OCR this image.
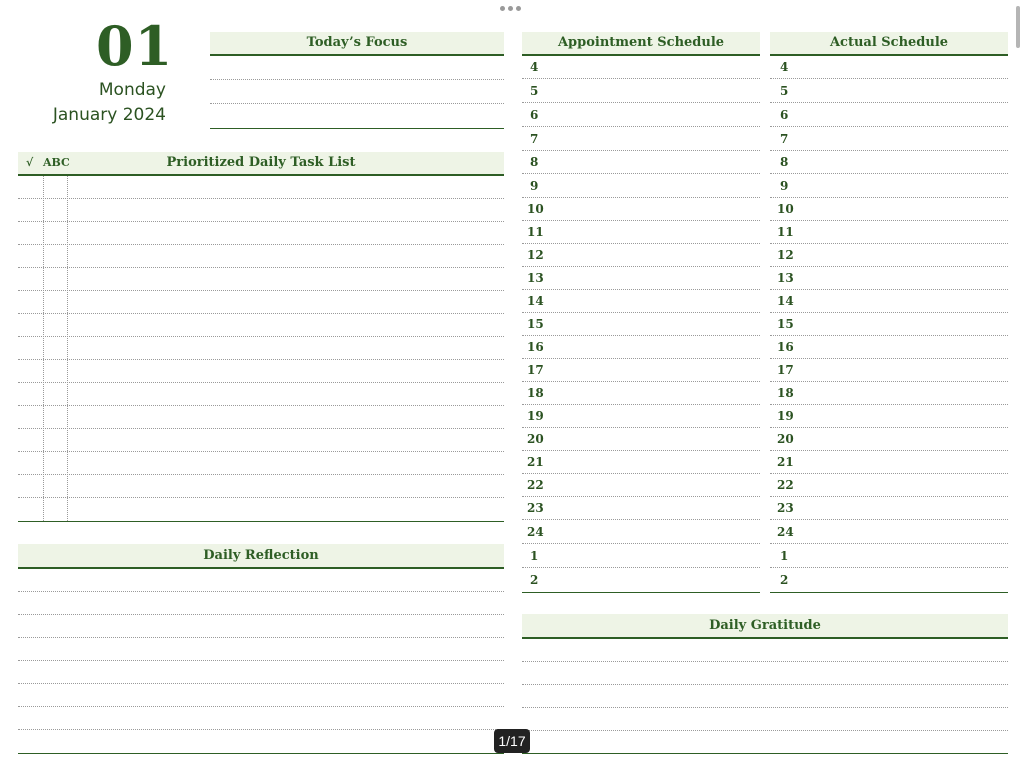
01
Monday
January 2024
Today’s Focus
√ ABC	Prioritized Daily Task List
Daily Reflection
Appointment Schedule
4
5
6
7
8
9
10
11
12
13
14
15
16
17
18
19
20
21
22
23
24
1
2
Actual Schedule
4
5
6
7
8
9
10
11
12
13
14
15
16
17
18
19
20
21
22
23
24
1
2
Daily Gratitude
1/17
